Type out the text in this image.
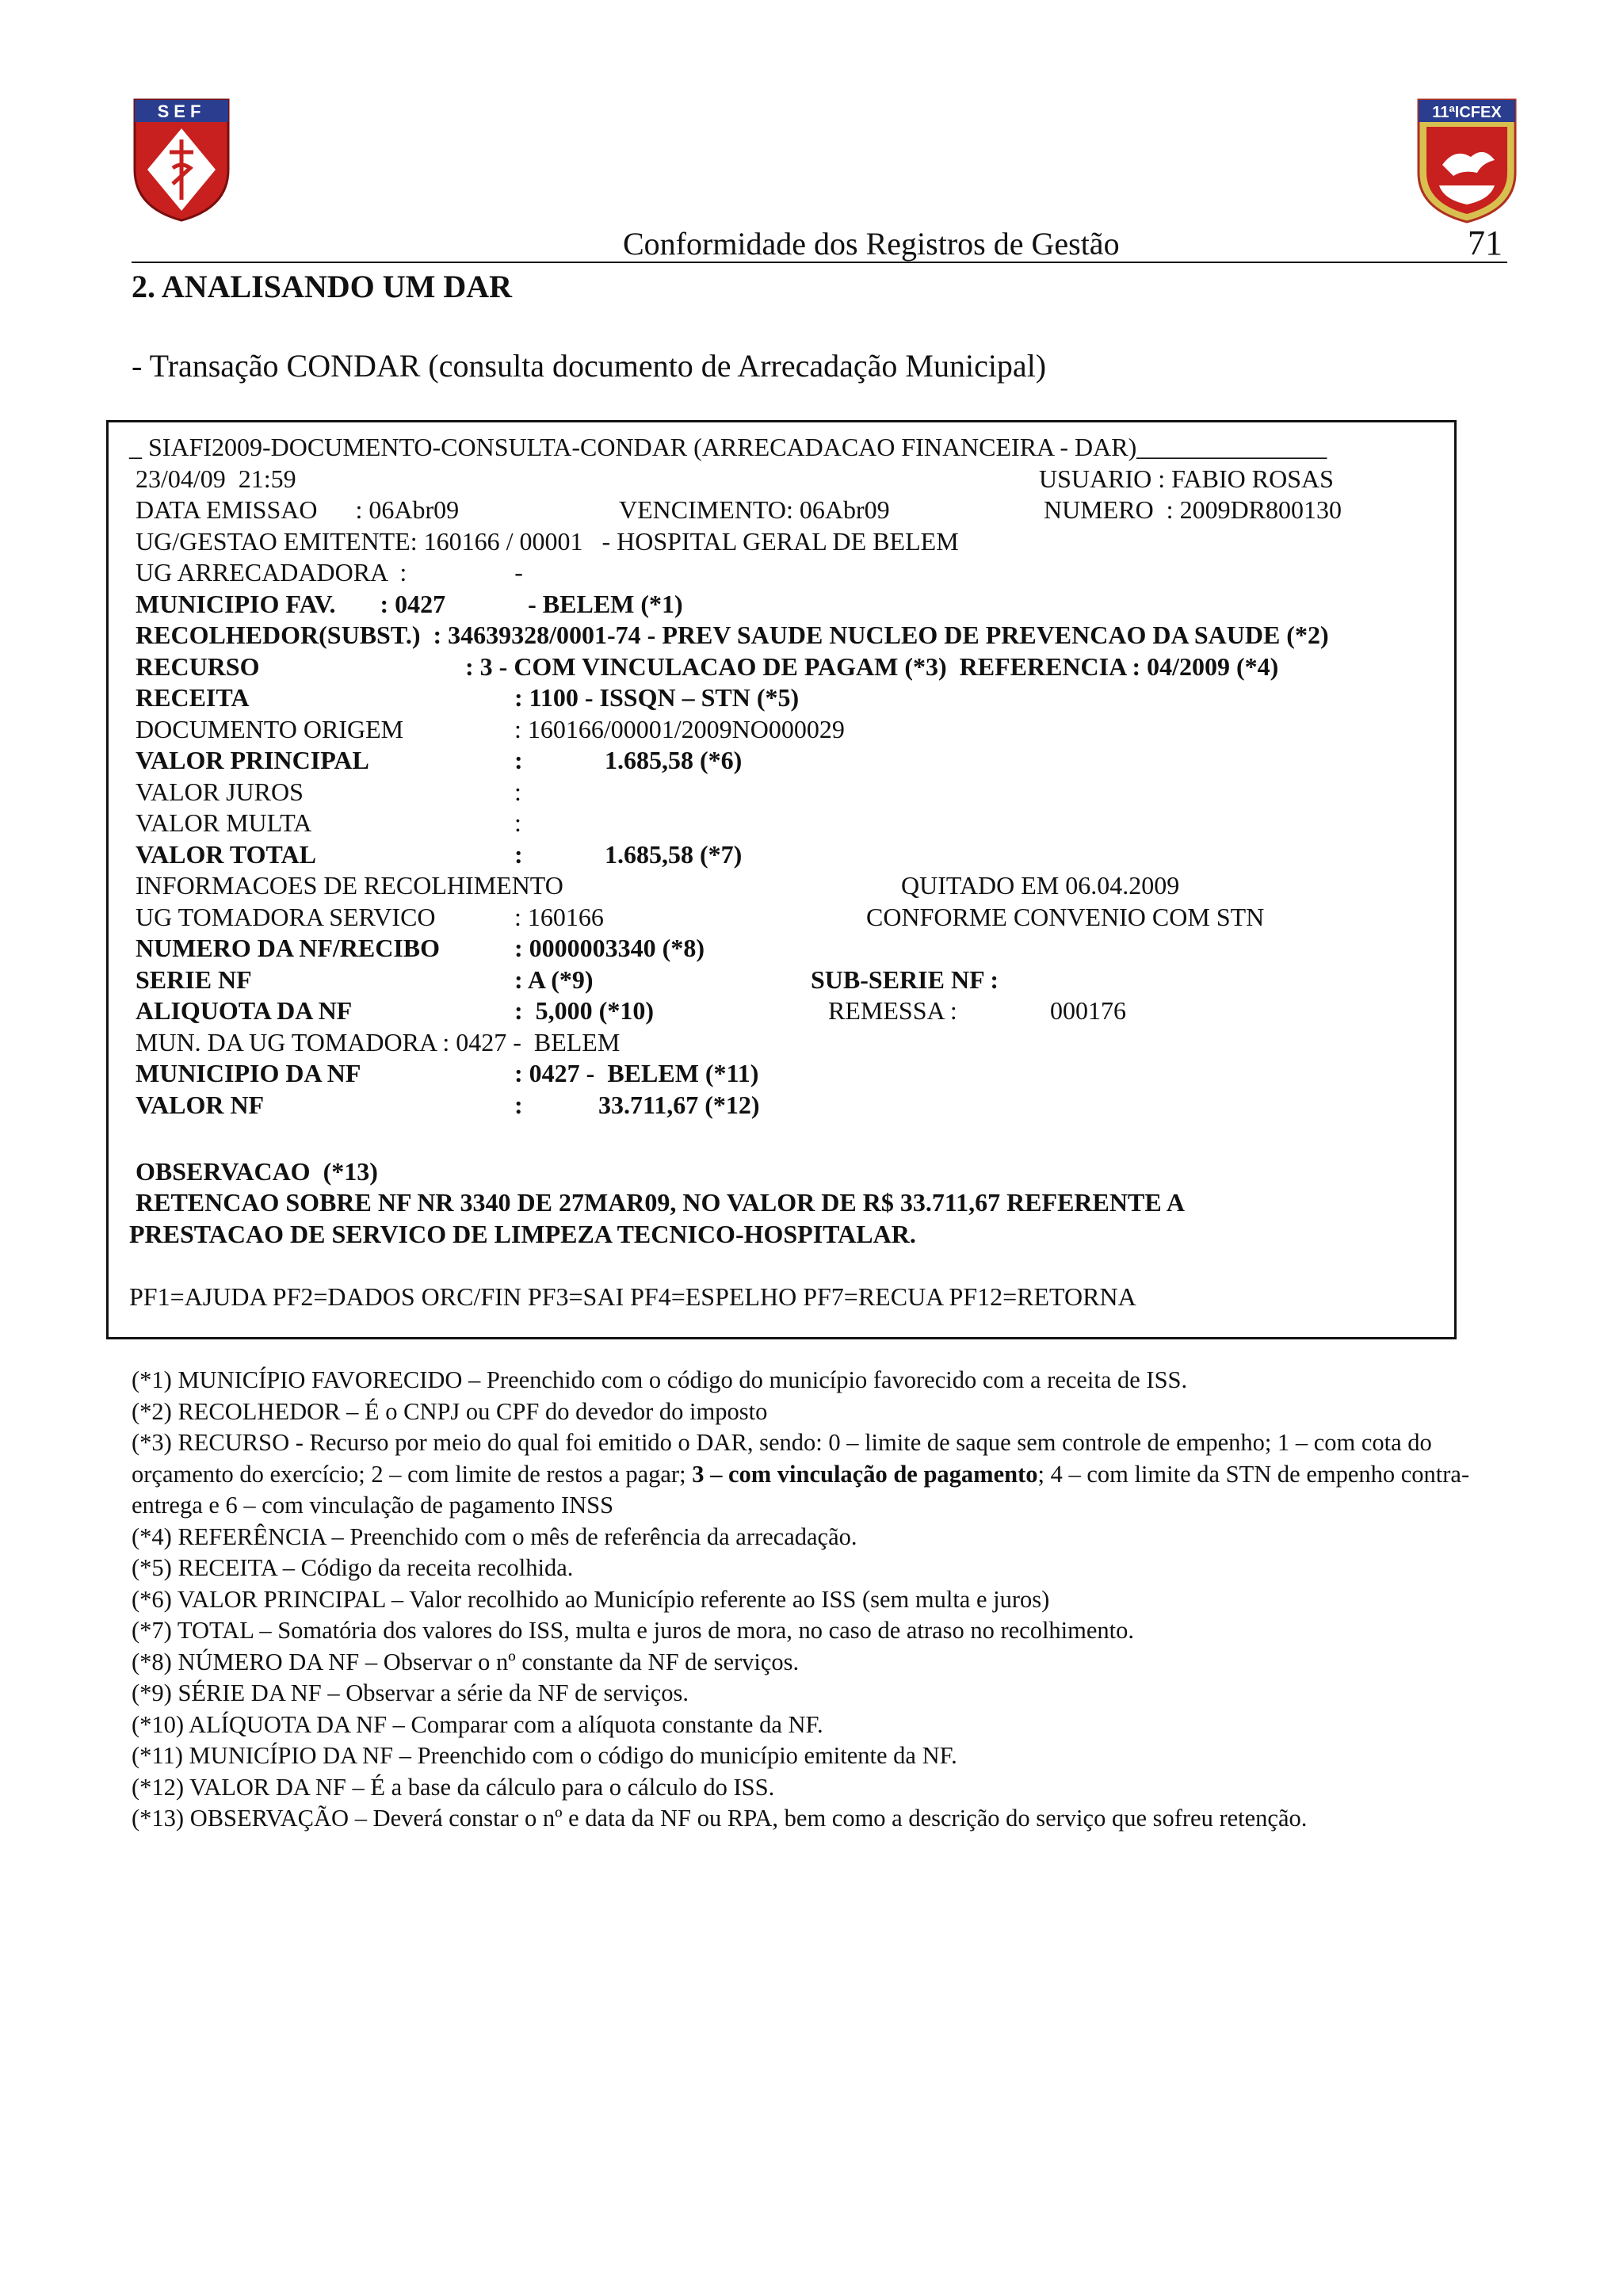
SEF	11ªICFEX
Conformidade dos Registros de Gestão	71
2. ANALISANDO UM DAR
- Transação CONDAR (consulta documento de Arrecadação Municipal)
_ SIAFI2009-DOCUMENTO-CONSULTA-CONDAR (ARRECADACAO FINANCEIRA - DAR)_______________
23/04/09  21:59	USUARIO : FABIO ROSAS
DATA EMISSAO      : 06Abr09	VENCIMENTO: 06Abr09	NUMERO  : 2009DR800130
UG/GESTAO EMITENTE: 160166 / 00001   - HOSPITAL GERAL DE BELEM
UG ARRECADADORA  :                 -
MUNICIPIO FAV.       : 0427             - BELEM (*1)
RECOLHEDOR(SUBST.)  : 34639328/0001-74 - PREV SAUDE NUCLEO DE PREVENCAO DA SAUDE (*2)
RECURSO	: 3 - COM VINCULACAO DE PAGAM (*3)  REFERENCIA : 04/2009 (*4)
RECEITA	: 1100 - ISSQN – STN (*5)
DOCUMENTO ORIGEM	: 160166/00001/2009NO000029
VALOR PRINCIPAL	:	1.685,58 (*6)
VALOR JUROS	:
VALOR MULTA	:
VALOR TOTAL	:	1.685,58 (*7)
INFORMACOES DE RECOLHIMENTO	QUITADO EM 06.04.2009
UG TOMADORA SERVICO	: 160166	CONFORME CONVENIO COM STN
NUMERO DA NF/RECIBO	: 0000003340 (*8)
SERIE NF	: A (*9)	SUB-SERIE NF :
ALIQUOTA DA NF	:  5,000 (*10)	REMESSA :	000176
MUN. DA UG TOMADORA : 0427 -  BELEM
MUNICIPIO DA NF	: 0427 -  BELEM (*11)
VALOR NF	:	33.711,67 (*12)
OBSERVACAO  (*13)
RETENCAO SOBRE NF NR 3340 DE 27MAR09, NO VALOR DE R$ 33.711,67 REFERENTE A
PRESTACAO DE SERVICO DE LIMPEZA TECNICO-HOSPITALAR.
PF1=AJUDA PF2=DADOS ORC/FIN PF3=SAI PF4=ESPELHO PF7=RECUA PF12=RETORNA

(*1) MUNICÍPIO FAVORECIDO – Preenchido com o código do município favorecido com a receita de ISS.

(*2) RECOLHEDOR – É o CNPJ ou CPF do devedor do imposto

(*3) RECURSO - Recurso por meio do qual foi emitido o DAR, sendo: 0 – limite de saque sem controle de empenho; 1 – com cota do orçamento do exercício; 2 – com limite de restos a pagar; 3 – com vinculação de pagamento; 4 – com limite da STN de empenho contra-entrega e 6 – com vinculação de pagamento INSS

(*4) REFERÊNCIA – Preenchido com o mês de referência da arrecadação.

(*5) RECEITA – Código da receita recolhida.

(*6) VALOR PRINCIPAL – Valor recolhido ao Município referente ao ISS (sem multa e juros)

(*7) TOTAL – Somatória dos valores do ISS, multa e juros de mora, no caso de atraso no recolhimento.

(*8) NÚMERO DA NF – Observar o nº constante da NF de serviços.

(*9) SÉRIE DA NF – Observar a série da NF de serviços.

(*10) ALÍQUOTA DA NF – Comparar com a alíquota constante da NF.

(*11) MUNICÍPIO DA NF – Preenchido com o código do município emitente da NF.

(*12) VALOR DA NF – É a base da cálculo para o cálculo do ISS.

(*13) OBSERVAÇÃO – Deverá constar o nº e data da NF ou RPA, bem como a descrição do serviço que sofreu retenção.
